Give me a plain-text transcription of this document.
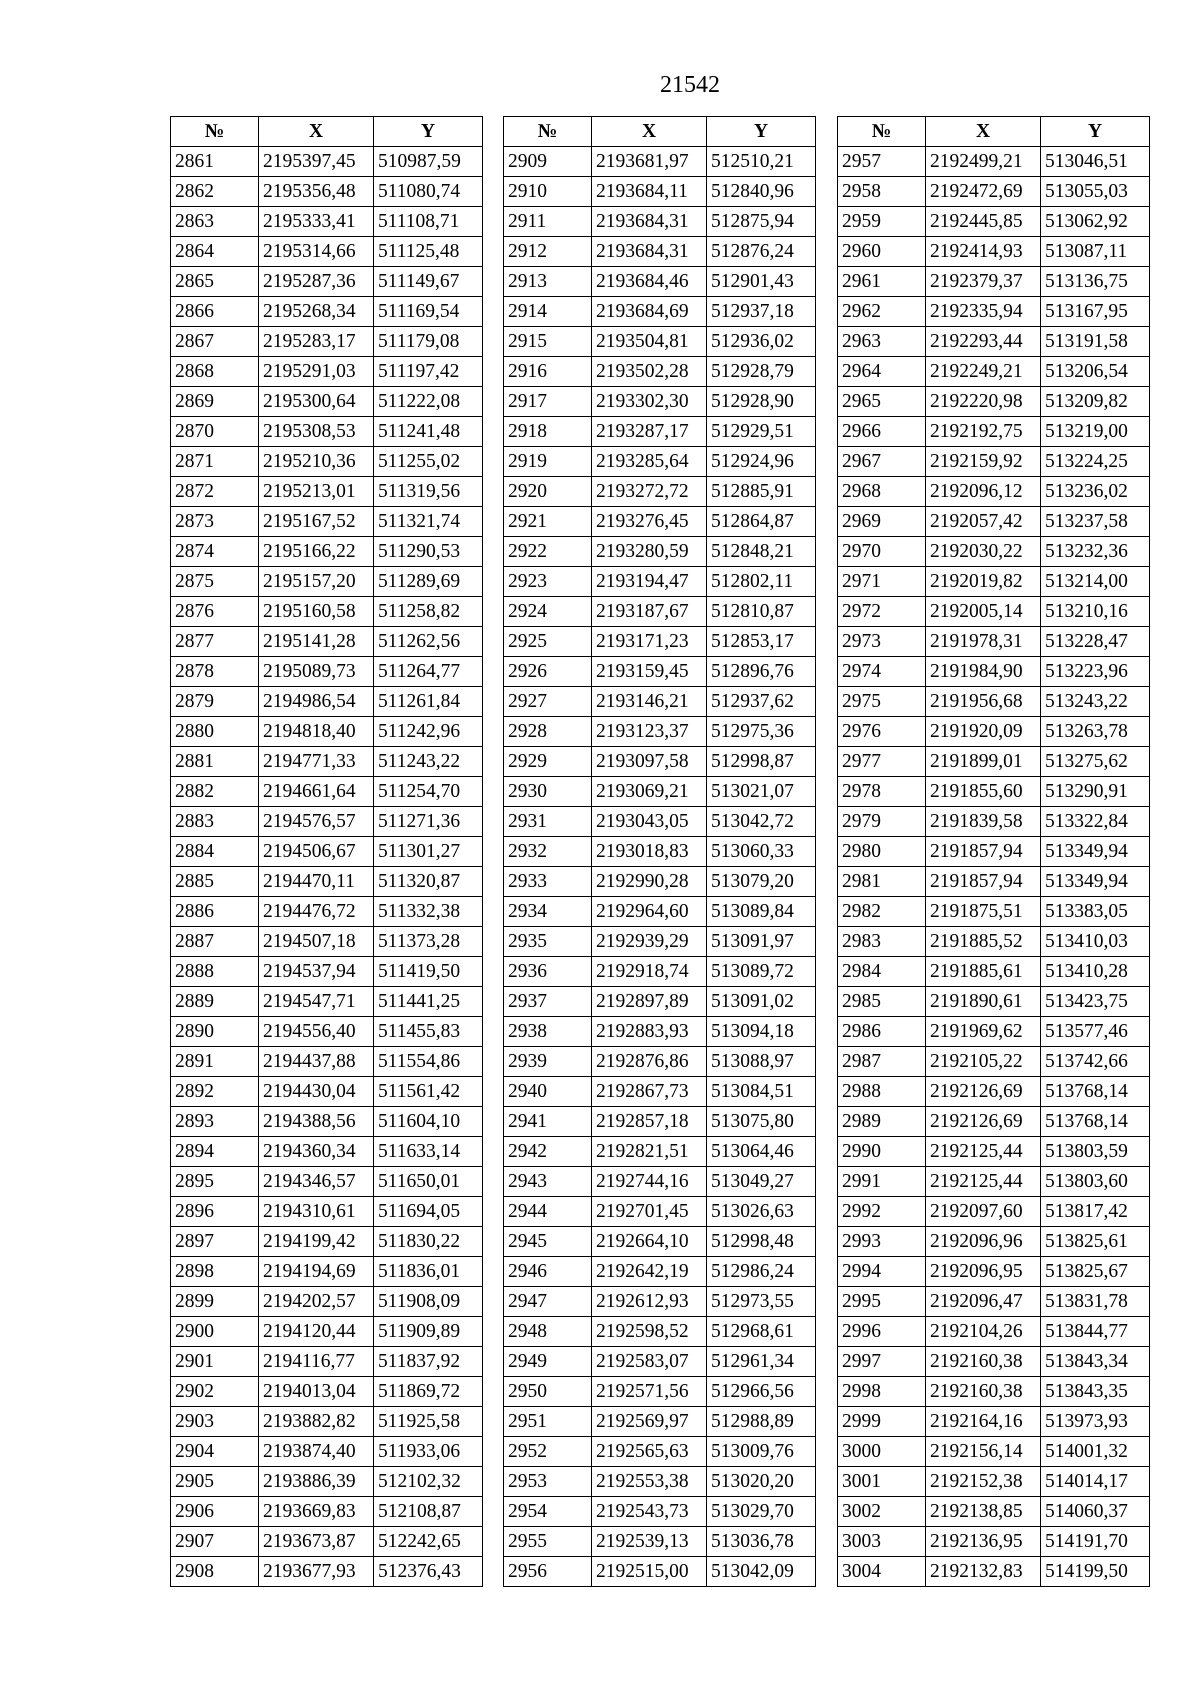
21542
№	X	Y
2861	2195397,45	510987,59
2862	2195356,48	511080,74
2863	2195333,41	511108,71
2864	2195314,66	511125,48
2865	2195287,36	511149,67
2866	2195268,34	511169,54
2867	2195283,17	511179,08
2868	2195291,03	511197,42
2869	2195300,64	511222,08
2870	2195308,53	511241,48
2871	2195210,36	511255,02
2872	2195213,01	511319,56
2873	2195167,52	511321,74
2874	2195166,22	511290,53
2875	2195157,20	511289,69
2876	2195160,58	511258,82
2877	2195141,28	511262,56
2878	2195089,73	511264,77
2879	2194986,54	511261,84
2880	2194818,40	511242,96
2881	2194771,33	511243,22
2882	2194661,64	511254,70
2883	2194576,57	511271,36
2884	2194506,67	511301,27
2885	2194470,11	511320,87
2886	2194476,72	511332,38
2887	2194507,18	511373,28
2888	2194537,94	511419,50
2889	2194547,71	511441,25
2890	2194556,40	511455,83
2891	2194437,88	511554,86
2892	2194430,04	511561,42
2893	2194388,56	511604,10
2894	2194360,34	511633,14
2895	2194346,57	511650,01
2896	2194310,61	511694,05
2897	2194199,42	511830,22
2898	2194194,69	511836,01
2899	2194202,57	511908,09
2900	2194120,44	511909,89
2901	2194116,77	511837,92
2902	2194013,04	511869,72
2903	2193882,82	511925,58
2904	2193874,40	511933,06
2905	2193886,39	512102,32
2906	2193669,83	512108,87
2907	2193673,87	512242,65
2908	2193677,93	512376,43
№	X	Y
2909	2193681,97	512510,21
2910	2193684,11	512840,96
2911	2193684,31	512875,94
2912	2193684,31	512876,24
2913	2193684,46	512901,43
2914	2193684,69	512937,18
2915	2193504,81	512936,02
2916	2193502,28	512928,79
2917	2193302,30	512928,90
2918	2193287,17	512929,51
2919	2193285,64	512924,96
2920	2193272,72	512885,91
2921	2193276,45	512864,87
2922	2193280,59	512848,21
2923	2193194,47	512802,11
2924	2193187,67	512810,87
2925	2193171,23	512853,17
2926	2193159,45	512896,76
2927	2193146,21	512937,62
2928	2193123,37	512975,36
2929	2193097,58	512998,87
2930	2193069,21	513021,07
2931	2193043,05	513042,72
2932	2193018,83	513060,33
2933	2192990,28	513079,20
2934	2192964,60	513089,84
2935	2192939,29	513091,97
2936	2192918,74	513089,72
2937	2192897,89	513091,02
2938	2192883,93	513094,18
2939	2192876,86	513088,97
2940	2192867,73	513084,51
2941	2192857,18	513075,80
2942	2192821,51	513064,46
2943	2192744,16	513049,27
2944	2192701,45	513026,63
2945	2192664,10	512998,48
2946	2192642,19	512986,24
2947	2192612,93	512973,55
2948	2192598,52	512968,61
2949	2192583,07	512961,34
2950	2192571,56	512966,56
2951	2192569,97	512988,89
2952	2192565,63	513009,76
2953	2192553,38	513020,20
2954	2192543,73	513029,70
2955	2192539,13	513036,78
2956	2192515,00	513042,09
№	X	Y
2957	2192499,21	513046,51
2958	2192472,69	513055,03
2959	2192445,85	513062,92
2960	2192414,93	513087,11
2961	2192379,37	513136,75
2962	2192335,94	513167,95
2963	2192293,44	513191,58
2964	2192249,21	513206,54
2965	2192220,98	513209,82
2966	2192192,75	513219,00
2967	2192159,92	513224,25
2968	2192096,12	513236,02
2969	2192057,42	513237,58
2970	2192030,22	513232,36
2971	2192019,82	513214,00
2972	2192005,14	513210,16
2973	2191978,31	513228,47
2974	2191984,90	513223,96
2975	2191956,68	513243,22
2976	2191920,09	513263,78
2977	2191899,01	513275,62
2978	2191855,60	513290,91
2979	2191839,58	513322,84
2980	2191857,94	513349,94
2981	2191857,94	513349,94
2982	2191875,51	513383,05
2983	2191885,52	513410,03
2984	2191885,61	513410,28
2985	2191890,61	513423,75
2986	2191969,62	513577,46
2987	2192105,22	513742,66
2988	2192126,69	513768,14
2989	2192126,69	513768,14
2990	2192125,44	513803,59
2991	2192125,44	513803,60
2992	2192097,60	513817,42
2993	2192096,96	513825,61
2994	2192096,95	513825,67
2995	2192096,47	513831,78
2996	2192104,26	513844,77
2997	2192160,38	513843,34
2998	2192160,38	513843,35
2999	2192164,16	513973,93
3000	2192156,14	514001,32
3001	2192152,38	514014,17
3002	2192138,85	514060,37
3003	2192136,95	514191,70
3004	2192132,83	514199,50
